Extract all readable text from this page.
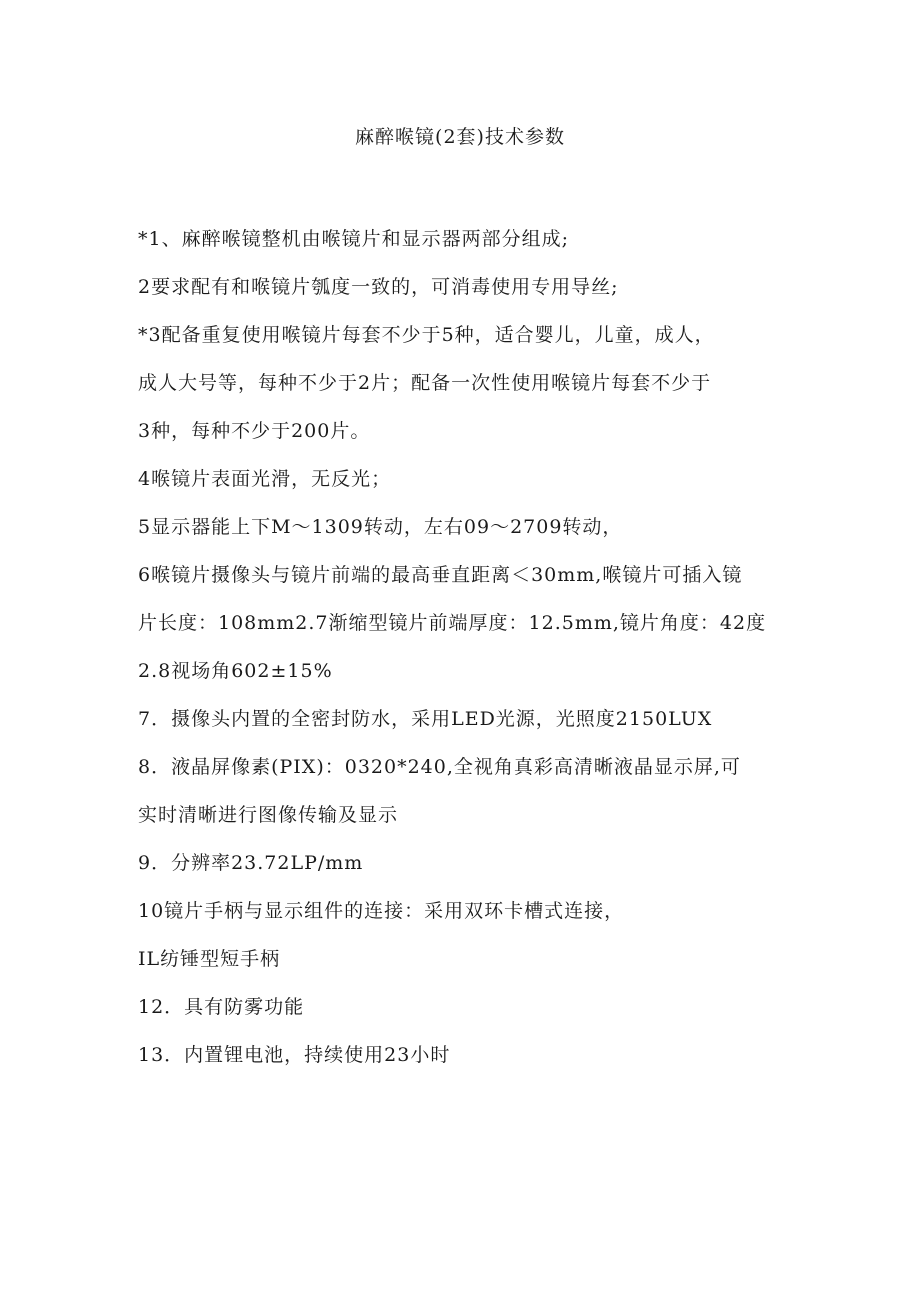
麻醉喉镜(2套)技术参数
*1、麻醉喉镜整机由喉镜片和显示器两部分组成;
2要求配有和喉镜片瓠度一致的，可消毒使用专用导丝;
*3配备重复使用喉镜片每套不少于5种，适合婴儿，儿童，成人，
成人大号等，每种不少于2片；配备一次性使用喉镜片每套不少于
3种，每种不少于200片。
4喉镜片表面光滑，无反光；
5显示器能上下M～1309转动，左右09～2709转动，
6喉镜片摄像头与镜片前端的最高垂直距离＜30mm,喉镜片可插入镜
片长度：108mm2.7渐缩型镜片前端厚度：12.5mm,镜片角度：42度
2.8视场角602±15%
7．摄像头内置的全密封防水，采用LED光源，光照度2150LUX
8．液晶屏像素(PIX)：0320*240,全视角真彩高清晰液晶显示屏,可
实时清晰进行图像传输及显示
9．分辨率23.72LP/mm
10镜片手柄与显示组件的连接：采用双环卡槽式连接，
IL纺锤型短手柄
12．具有防雾功能
13．内置锂电池，持续使用23小时
